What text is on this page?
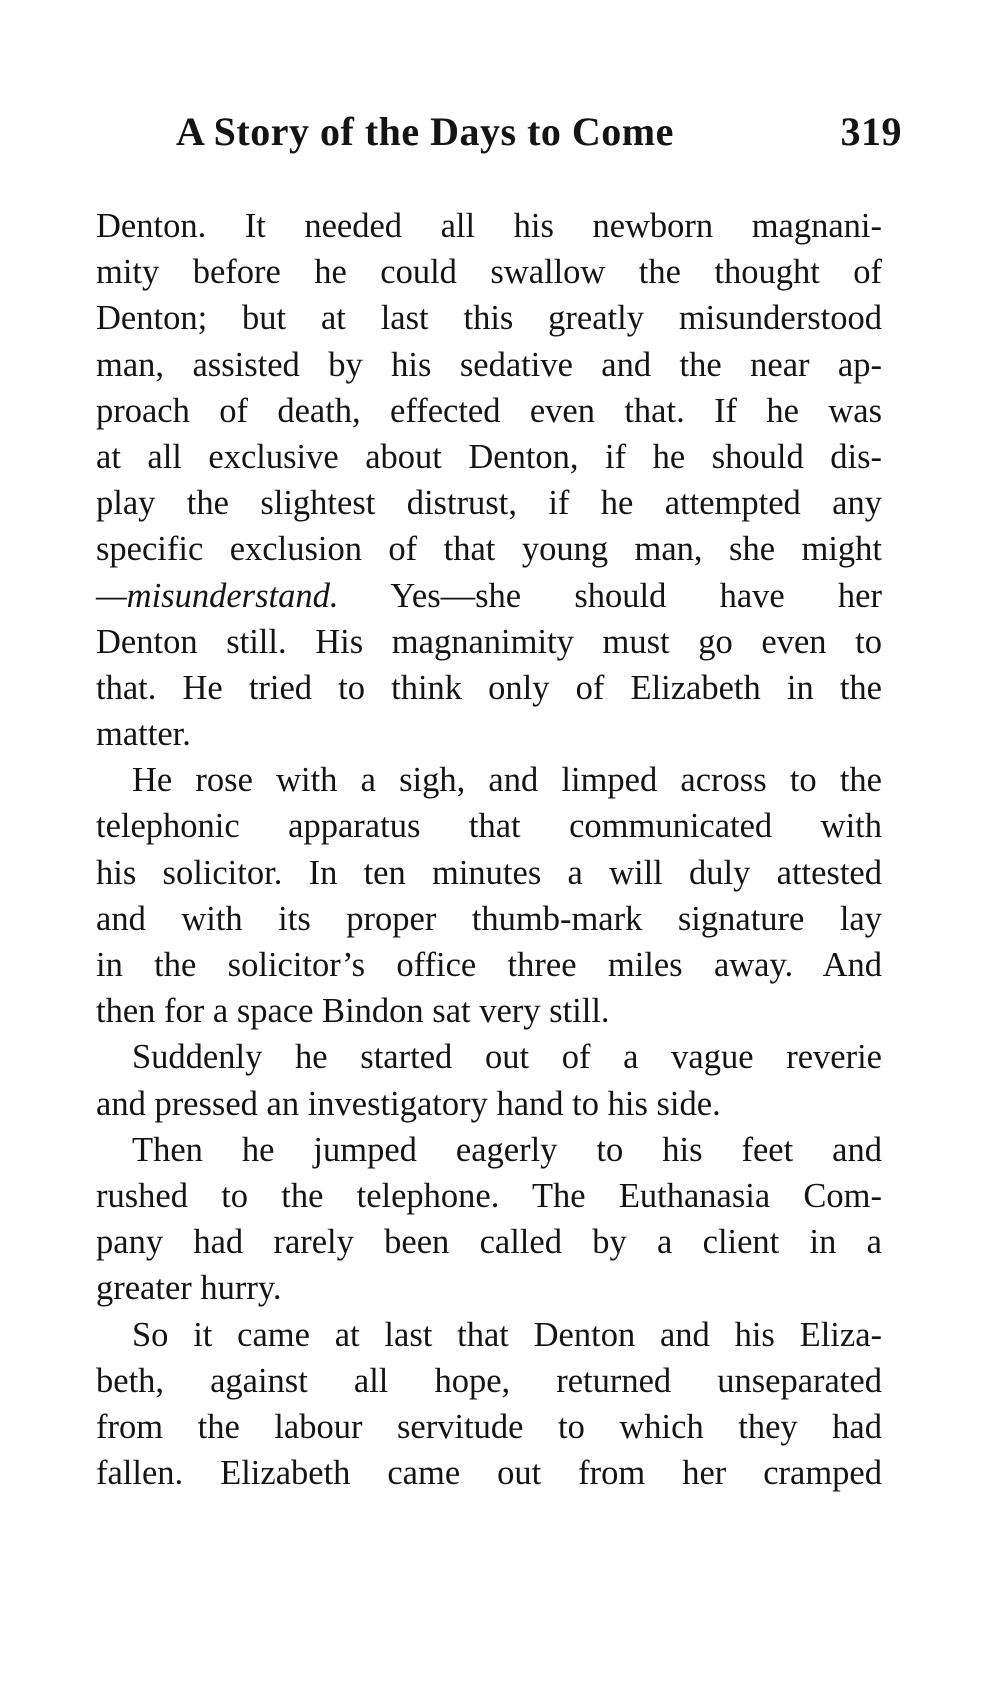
A Story of the Days to Come	319
Denton. It needed all his newborn magnani-
mity before he could swallow the thought of
Denton; but at last this greatly misunderstood
man, assisted by his sedative and the near ap-
proach of death, effected even that. If he was
at all exclusive about Denton, if he should dis-
play the slightest distrust, if he attempted any
specific exclusion of that young man, she might
—misunderstand. Yes—she should have her
Denton still. His magnanimity must go even to
that. He tried to think only of Elizabeth in the
matter.
He rose with a sigh, and limped across to the
telephonic apparatus that communicated with
his solicitor. In ten minutes a will duly attested
and with its proper thumb-mark signature lay
in the solicitor’s office three miles away. And
then for a space Bindon sat very still.
Suddenly he started out of a vague reverie
and pressed an investigatory hand to his side.
Then he jumped eagerly to his feet and
rushed to the telephone. The Euthanasia Com-
pany had rarely been called by a client in a
greater hurry.
So it came at last that Denton and his Eliza-
beth, against all hope, returned unseparated
from the labour servitude to which they had
fallen. Elizabeth came out from her cramped
